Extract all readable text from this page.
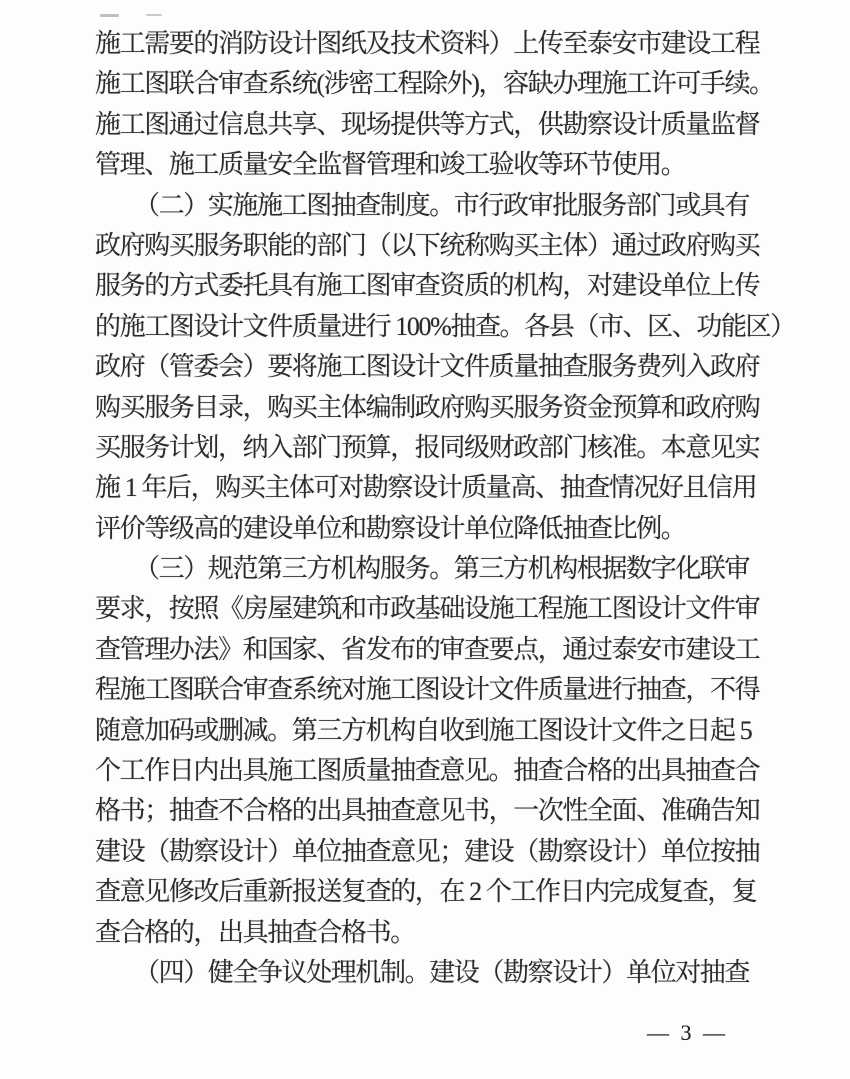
施工需要的消防设计图纸及技术资料）上传至泰安市建设工程
施工图联合审查系统(涉密工程除外)，容缺办理施工许可手续。
施工图通过信息共享、现场提供等方式，供勘察设计质量监督
管理、施工质量安全监督管理和竣工验收等环节使用。
（二）实施施工图抽查制度。市行政审批服务部门或具有
政府购买服务职能的部门（以下统称购买主体）通过政府购买
服务的方式委托具有施工图审查资质的机构，对建设单位上传
的施工图设计文件质量进行 100%抽查。各县（市、区、功能区）
政府（管委会）要将施工图设计文件质量抽查服务费列入政府
购买服务目录，购买主体编制政府购买服务资金预算和政府购
买服务计划，纳入部门预算，报同级财政部门核准。本意见实
施 1 年后，购买主体可对勘察设计质量高、抽查情况好且信用
评价等级高的建设单位和勘察设计单位降低抽查比例。
（三）规范第三方机构服务。第三方机构根据数字化联审
要求，按照《房屋建筑和市政基础设施工程施工图设计文件审
查管理办法》和国家、省发布的审查要点，通过泰安市建设工
程施工图联合审查系统对施工图设计文件质量进行抽查，不得
随意加码或删减。第三方机构自收到施工图设计文件之日起 5
个工作日内出具施工图质量抽查意见。抽查合格的出具抽查合
格书；抽查不合格的出具抽查意见书，一次性全面、准确告知
建设（勘察设计）单位抽查意见；建设（勘察设计）单位按抽
查意见修改后重新报送复查的，在 2 个工作日内完成复查，复
查合格的，出具抽查合格书。
（四）健全争议处理机制。建设（勘察设计）单位对抽查
— 3 —
